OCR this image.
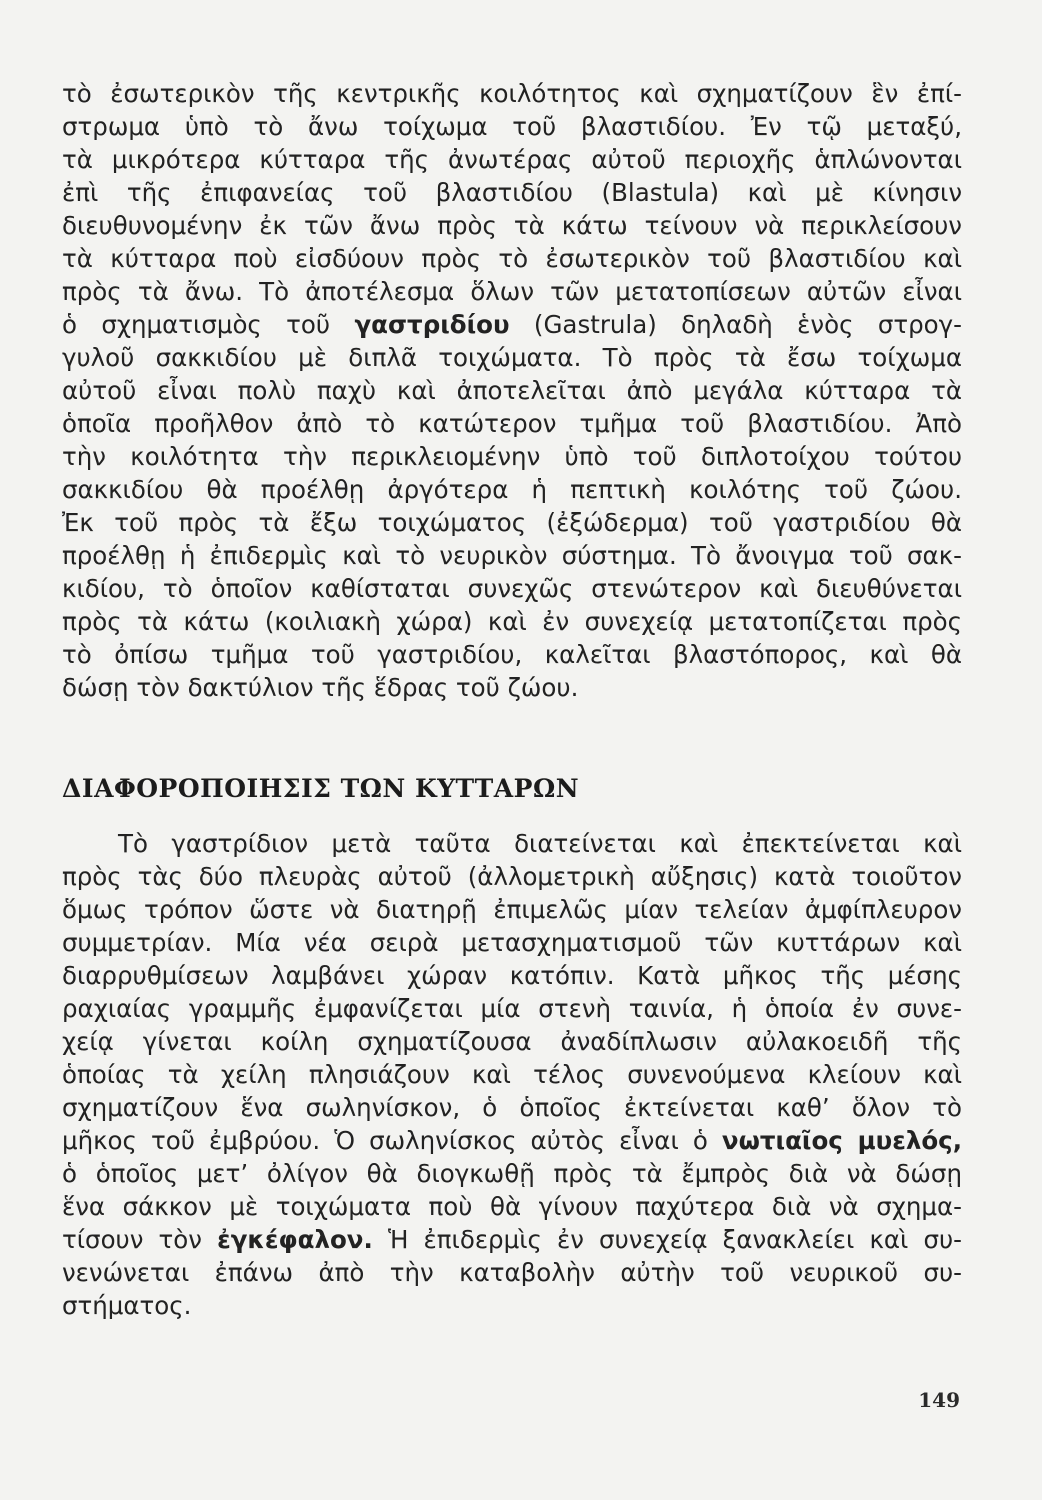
τὸ ἐσωτερικὸν τῆς κεντρικῆς κοιλότητος καὶ σχηματίζουν ἓν ἐπί-
στρωμα ὑπὸ τὸ ἄνω τοίχωμα τοῦ βλαστιδίου. Ἐν τῷ μεταξύ,
τὰ μικρότερα κύτταρα τῆς ἀνωτέρας αὐτοῦ περιοχῆς ἁπλώνονται
ἐπὶ τῆς ἐπιφανείας τοῦ βλαστιδίου (Blastula) καὶ μὲ κίνησιν
διευθυνομένην ἐκ τῶν ἄνω πρὸς τὰ κάτω τείνουν νὰ περικλείσουν
τὰ κύτταρα ποὺ εἰσδύουν πρὸς τὸ ἐσωτερικὸν τοῦ βλαστιδίου καὶ
πρὸς τὰ ἄνω. Τὸ ἀποτέλεσμα ὅλων τῶν μετατοπίσεων αὐτῶν εἶναι
ὁ σχηματισμὸς τοῦ γαστριδίου (Gastrula) δηλαδὴ ἑνὸς στρογ-
γυλοῦ σακκιδίου μὲ διπλᾶ τοιχώματα. Τὸ πρὸς τὰ ἔσω τοίχωμα
αὐτοῦ εἶναι πολὺ παχὺ καὶ ἀποτελεῖται ἀπὸ μεγάλα κύτταρα τὰ
ὁποῖα προῆλθον ἀπὸ τὸ κατώτερον τμῆμα τοῦ βλαστιδίου. Ἀπὸ
τὴν κοιλότητα τὴν περικλειομένην ὑπὸ τοῦ διπλοτοίχου τούτου
σακκιδίου θὰ προέλθῃ ἀργότερα ἡ πεπτικὴ κοιλότης τοῦ ζώου.
Ἐκ τοῦ πρὸς τὰ ἔξω τοιχώματος (ἐξώδερμα) τοῦ γαστριδίου θὰ
προέλθῃ ἡ ἐπιδερμὶς καὶ τὸ νευρικὸν σύστημα. Τὸ ἄνοιγμα τοῦ σακ-
κιδίου, τὸ ὁποῖον καθίσταται συνεχῶς στενώτερον καὶ διευθύνεται
πρὸς τὰ κάτω (κοιλιακὴ χώρα) καὶ ἐν συνεχείᾳ μετατοπίζεται πρὸς
τὸ ὀπίσω τμῆμα τοῦ γαστριδίου, καλεῖται βλαστόπορος, καὶ θὰ
δώσῃ τὸν δακτύλιον τῆς ἕδρας τοῦ ζώου.
ΔΙΑΦΟΡΟΠΟΙΗΣΙΣ ΤΩΝ ΚΥΤΤΑΡΩΝ
Τὸ γαστρίδιον μετὰ ταῦτα διατείνεται καὶ ἐπεκτείνεται καὶ
πρὸς τὰς δύο πλευρὰς αὐτοῦ (ἀλλομετρικὴ αὔξησις) κατὰ τοιοῦτον
ὅμως τρόπον ὥστε νὰ διατηρῇ ἐπιμελῶς μίαν τελείαν ἀμφίπλευρον
συμμετρίαν. Μία νέα σειρὰ μετασχηματισμοῦ τῶν κυττάρων καὶ
διαρρυθμίσεων λαμβάνει χώραν κατόπιν. Κατὰ μῆκος τῆς μέσης
ραχιαίας γραμμῆς ἐμφανίζεται μία στενὴ ταινία, ἡ ὁποία ἐν συνε-
χείᾳ γίνεται κοίλη σχηματίζουσα ἀναδίπλωσιν αὐλακοειδῆ τῆς
ὁποίας τὰ χείλη πλησιάζουν καὶ τέλος συνενούμενα κλείουν καὶ
σχηματίζουν ἕνα σωληνίσκον, ὁ ὁποῖος ἐκτείνεται καθ’ ὅλον τὸ
μῆκος τοῦ ἐμβρύου. Ὁ σωληνίσκος αὐτὸς εἶναι ὁ νωτιαῖος μυελός,
ὁ ὁποῖος μετ’ ὀλίγον θὰ διογκωθῇ πρὸς τὰ ἔμπρὸς διὰ νὰ δώσῃ
ἕνα σάκκον μὲ τοιχώματα ποὺ θὰ γίνουν παχύτερα διὰ νὰ σχημα-
τίσουν τὸν ἐγκέφαλον. Ἡ ἐπιδερμὶς ἐν συνεχείᾳ ξανακλείει καὶ συ-
νενώνεται ἐπάνω ἀπὸ τὴν καταβολὴν αὐτὴν τοῦ νευρικοῦ συ-
στήματος.
149
